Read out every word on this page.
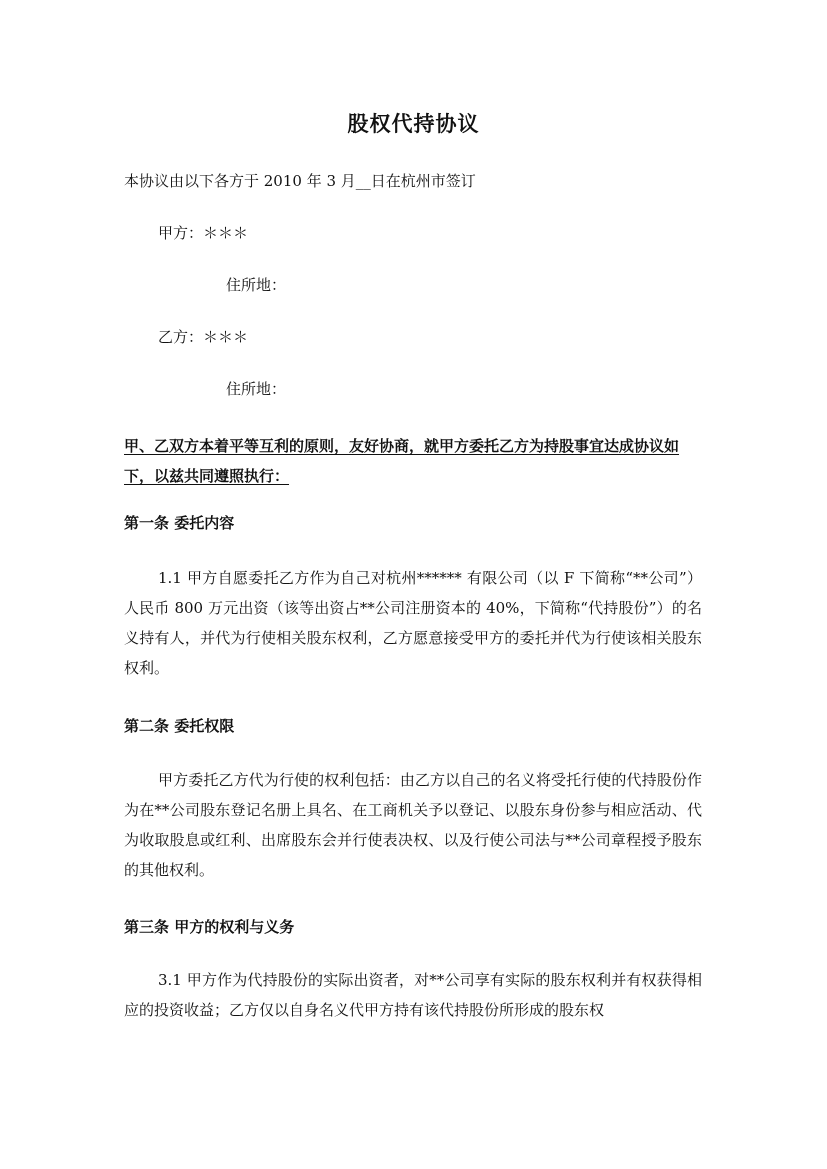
股权代持协议
本协议由以下各方于 2010 年 3 月__日在杭州市签订
甲方：＊＊＊
住所地：
乙方：＊＊＊
住所地：
甲、乙双方本着平等互利的原则，友好协商，就甲方委托乙方为持股事宜达成协议如下，以兹共同遵照执行：
第一条 委托内容
1.1 甲方自愿委托乙方作为自己对杭州****** 有限公司（以 F 下简称“**公司”）人民币 800 万元出资（该等出资占**公司注册资本的 40%，下简称“代持股份”）的名义持有人，并代为行使相关股东权利，乙方愿意接受甲方的委托并代为行使该相关股东权利。
第二条 委托权限
甲方委托乙方代为行使的权利包括：由乙方以自己的名义将受托行使的代持股份作为在**公司股东登记名册上具名、在工商机关予以登记、以股东身份参与相应活动、代为收取股息或红利、出席股东会并行使表决权、以及行使公司法与**公司章程授予股东的其他权利。
第三条 甲方的权利与义务
3.1 甲方作为代持股份的实际出资者，对**公司享有实际的股东权利并有权获得相应的投资收益；乙方仅以自身名义代甲方持有该代持股份所形成的股东权
